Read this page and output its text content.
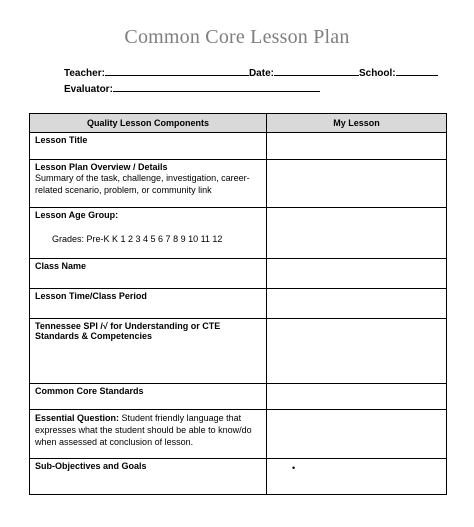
Common Core Lesson Plan
Teacher:	Date:	School:
Evaluator:
Quality Lesson Components	My Lesson

Lesson Title	

Lesson Plan Overview / Details
Summary of the task, challenge, investigation, career-related scenario, problem, or community link	

Lesson Age Group:
Grades: Pre-K K 1 2 3 4 5 6 7 8 9 10 11 12	

Class Name	

Lesson Time/Class Period	

Tennessee SPI /√ for Understanding or CTE Standards & Competencies	

Common Core Standards	

Essential Question: Student friendly language that expresses what the student should be able to know/do when assessed at conclusion of lesson.	

Sub-Objectives and Goals	•
